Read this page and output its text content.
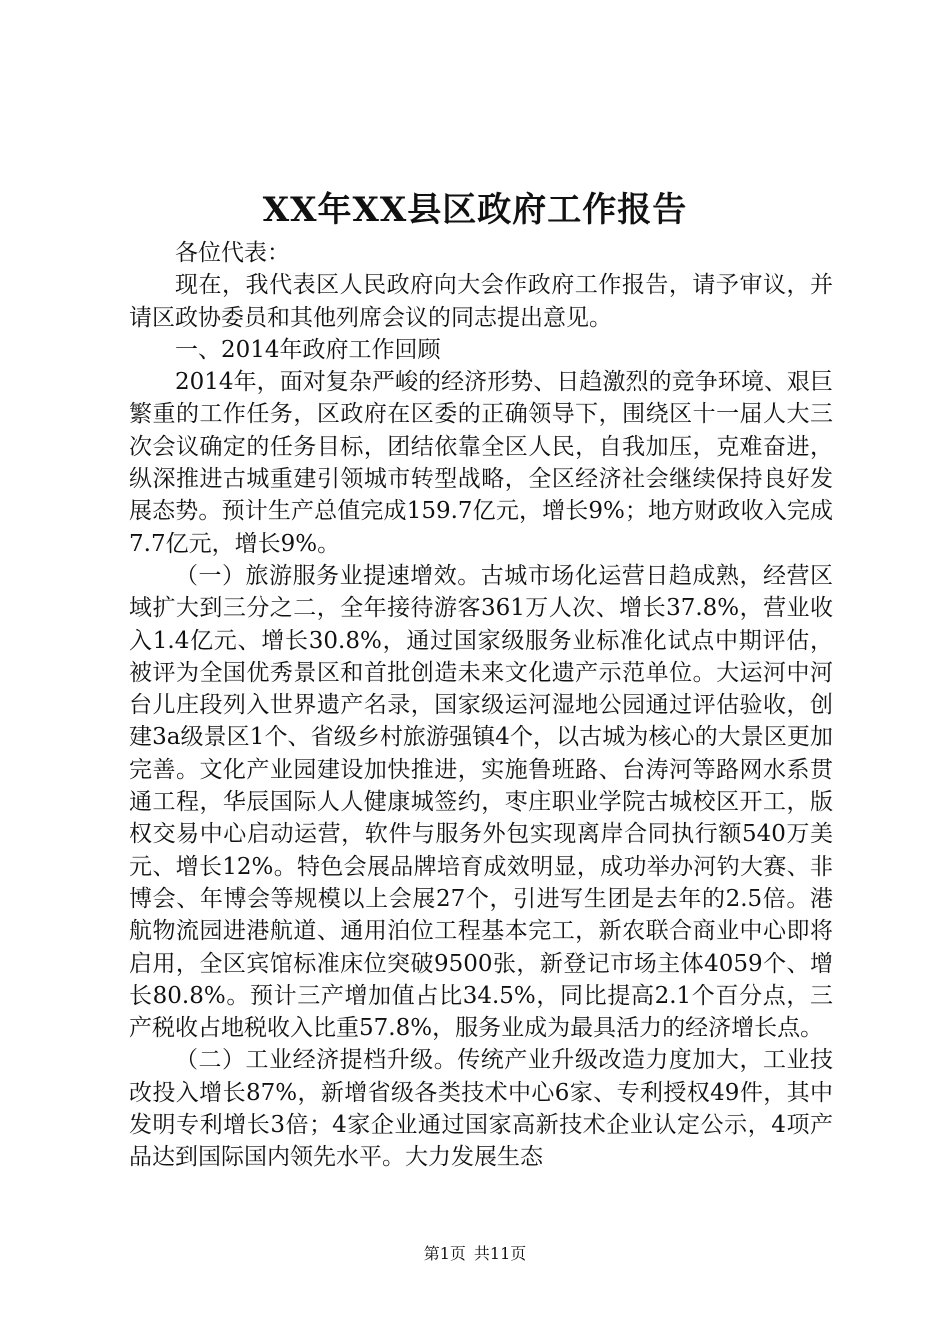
XX年XX县区政府工作报告

各位代表：

现在，我代表区人民政府向大会作政府工作报告，请予审议，并请区政协委员和其他列席会议的同志提出意见。

一、2014年政府工作回顾

2014年，面对复杂严峻的经济形势、日趋激烈的竞争环境、艰巨繁重的工作任务，区政府在区委的正确领导下，围绕区十一届人大三次会议确定的任务目标，团结依靠全区人民，自我加压，克难奋进，纵深推进古城重建引领城市转型战略，全区经济社会继续保持良好发展态势。预计生产总值完成159.7亿元，增长9%；地方财政收入完成7.7亿元，增长9%。

（一）旅游服务业提速增效。古城市场化运营日趋成熟，经营区域扩大到三分之二，全年接待游客361万人次、增长37.8%，营业收入1.4亿元、增长30.8%，通过国家级服务业标准化试点中期评估，被评为全国优秀景区和首批创造未来文化遗产示范单位。大运河中河台儿庄段列入世界遗产名录，国家级运河湿地公园通过评估验收，创建3a级景区1个、省级乡村旅游强镇4个，以古城为核心的大景区更加完善。文化产业园建设加快推进，实施鲁班路、台涛河等路网水系贯通工程，华辰国际人人健康城签约，枣庄职业学院古城校区开工，版权交易中心启动运营，软件与服务外包实现离岸合同执行额540万美元、增长12%。特色会展品牌培育成效明显，成功举办河钓大赛、非博会、年博会等规模以上会展27个，引进写生团是去年的2.5倍。港航物流园进港航道、通用泊位工程基本完工，新农联合商业中心即将启用，全区宾馆标准床位突破9500张，新登记市场主体4059个、增长80.8%。预计三产增加值占比34.5%，同比提高2.1个百分点，三产税收占地税收入比重57.8%，服务业成为最具活力的经济增长点。

（二）工业经济提档升级。传统产业升级改造力度加大，工业技改投入增长87%，新增省级各类技术中心6家、专利授权49件，其中发明专利增长3倍；4家企业通过国家高新技术企业认定公示，4项产品达到国际国内领先水平。大力发展生态

第1页 共11页
